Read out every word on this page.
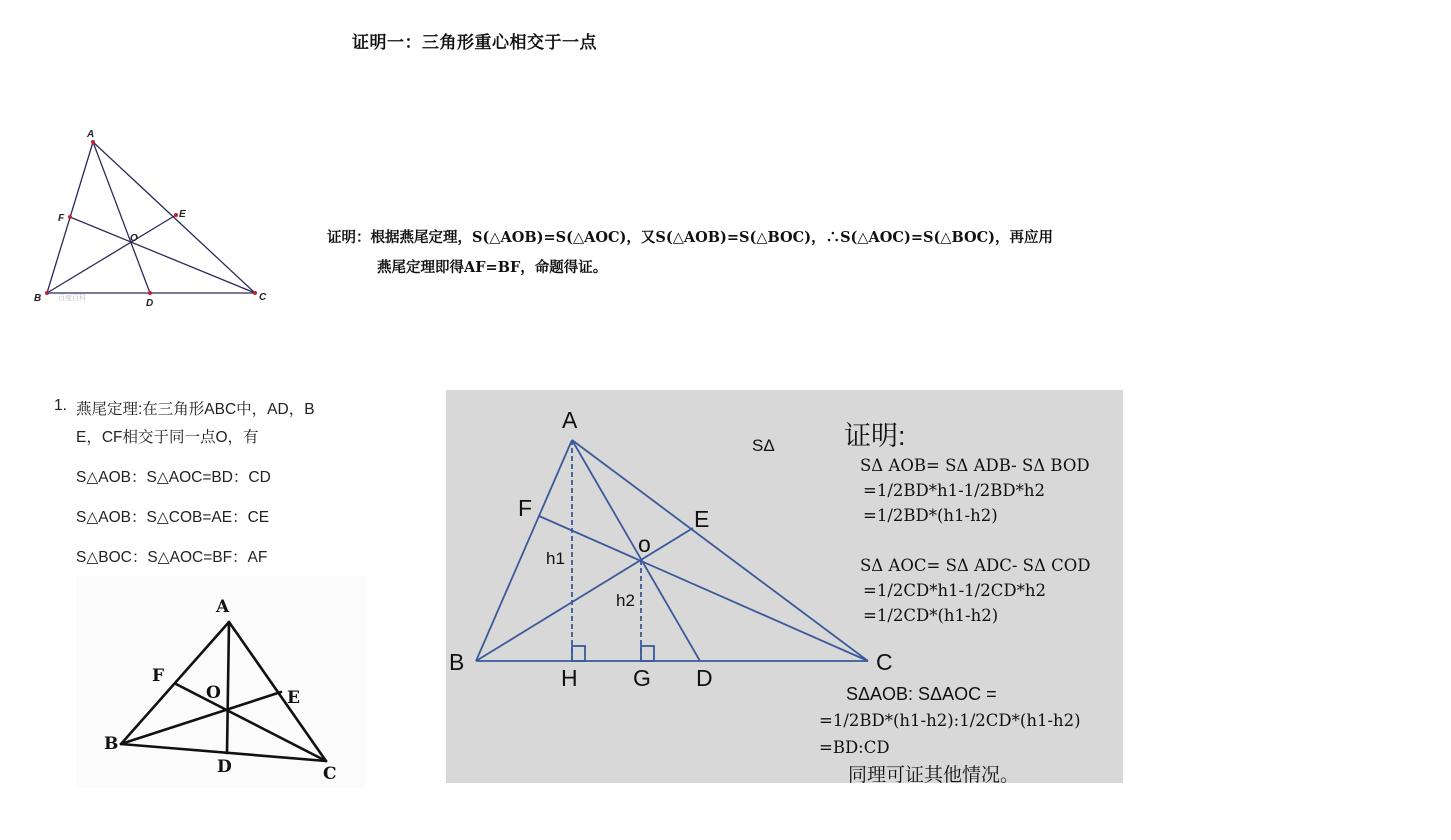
证明一：三角形重心相交于一点
A
F	E
O
B	D
C
百度百科
证明：根据燕尾定理，S(△AOB)=S(△AOC)，又S(△AOB)=S(△BOC)，∴S(△AOC)=S(△BOC)，再应用
燕尾定理即得AF=BF，命题得证。
1. 燕尾定理:在三角形ABC中，AD，B
E，CF相交于同一点O，有
S△AOB：S△AOC=BD：CD
S△AOB：S△COB=AE：CE
S△BOC：S△AOC=BF：AF
A
F
O	E
B
D	C
A
F	E
o
B	C
H G D
h1
h2
SΔ	证明:
SΔ AOB= SΔ ADB- SΔ BOD
=1/2BD*h1-1/2BD*h2
=1/2BD*(h1-h2)
SΔ AOC= SΔ ADC- SΔ COD
=1/2CD*h1-1/2CD*h2
=1/2CD*(h1-h2)
SΔAOB: SΔAOC =
=1/2BD*(h1-h2):1/2CD*(h1-h2)
=BD:CD
同理可证其他情况。
